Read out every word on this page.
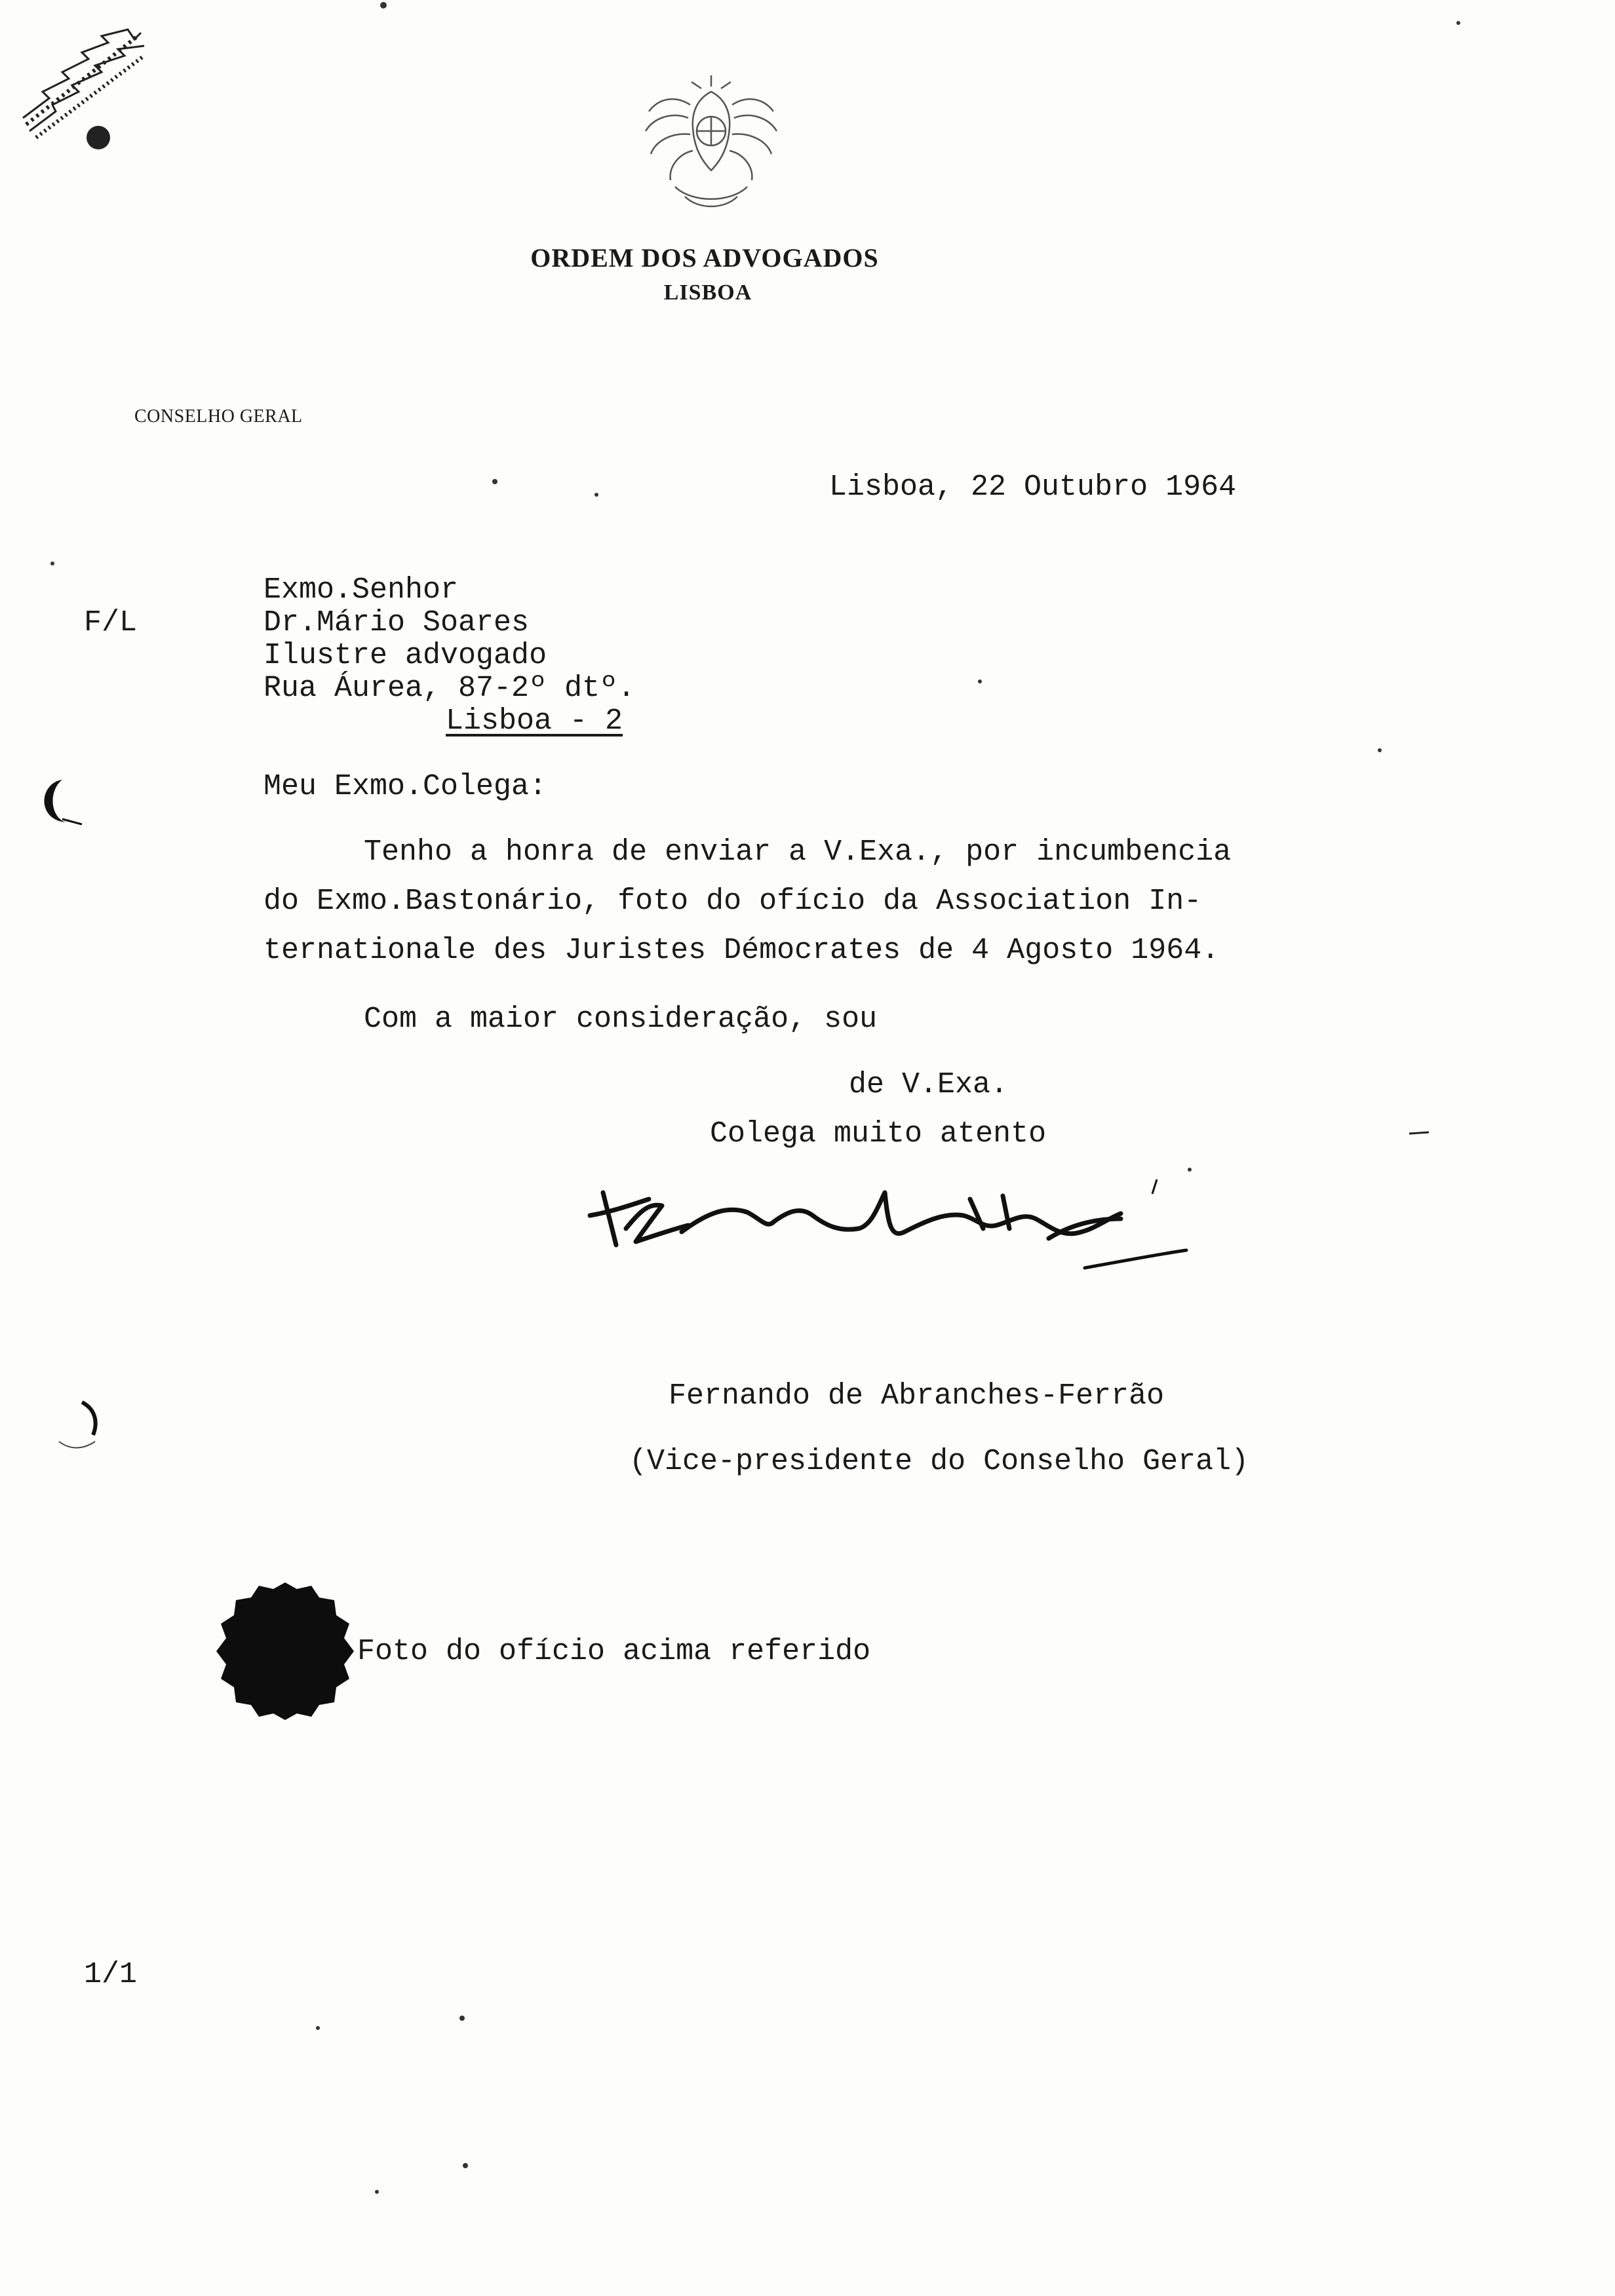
ORDEM DOS ADVOGADOS
LISBOA
CONSELHO GERAL
Lisboa, 22 Outubro 1964
F/L
Exmo.Senhor
Dr.Mário Soares
Ilustre advogado
Rua Áurea, 87-2º dtº.
Lisboa - 2
Meu Exmo.Colega:
Tenho a honra de enviar a V.Exa., por incumbencia
do Exmo.Bastonário, foto do ofício da Association In-
ternationale des Juristes Démocrates de 4 Agosto 1964.
Com a maior consideração, sou
de V.Exa.
Colega muito atento
Fernando de Abranches-Ferrão
(Vice-presidente do Conselho Geral)
Foto do ofício acima referido
1/1
